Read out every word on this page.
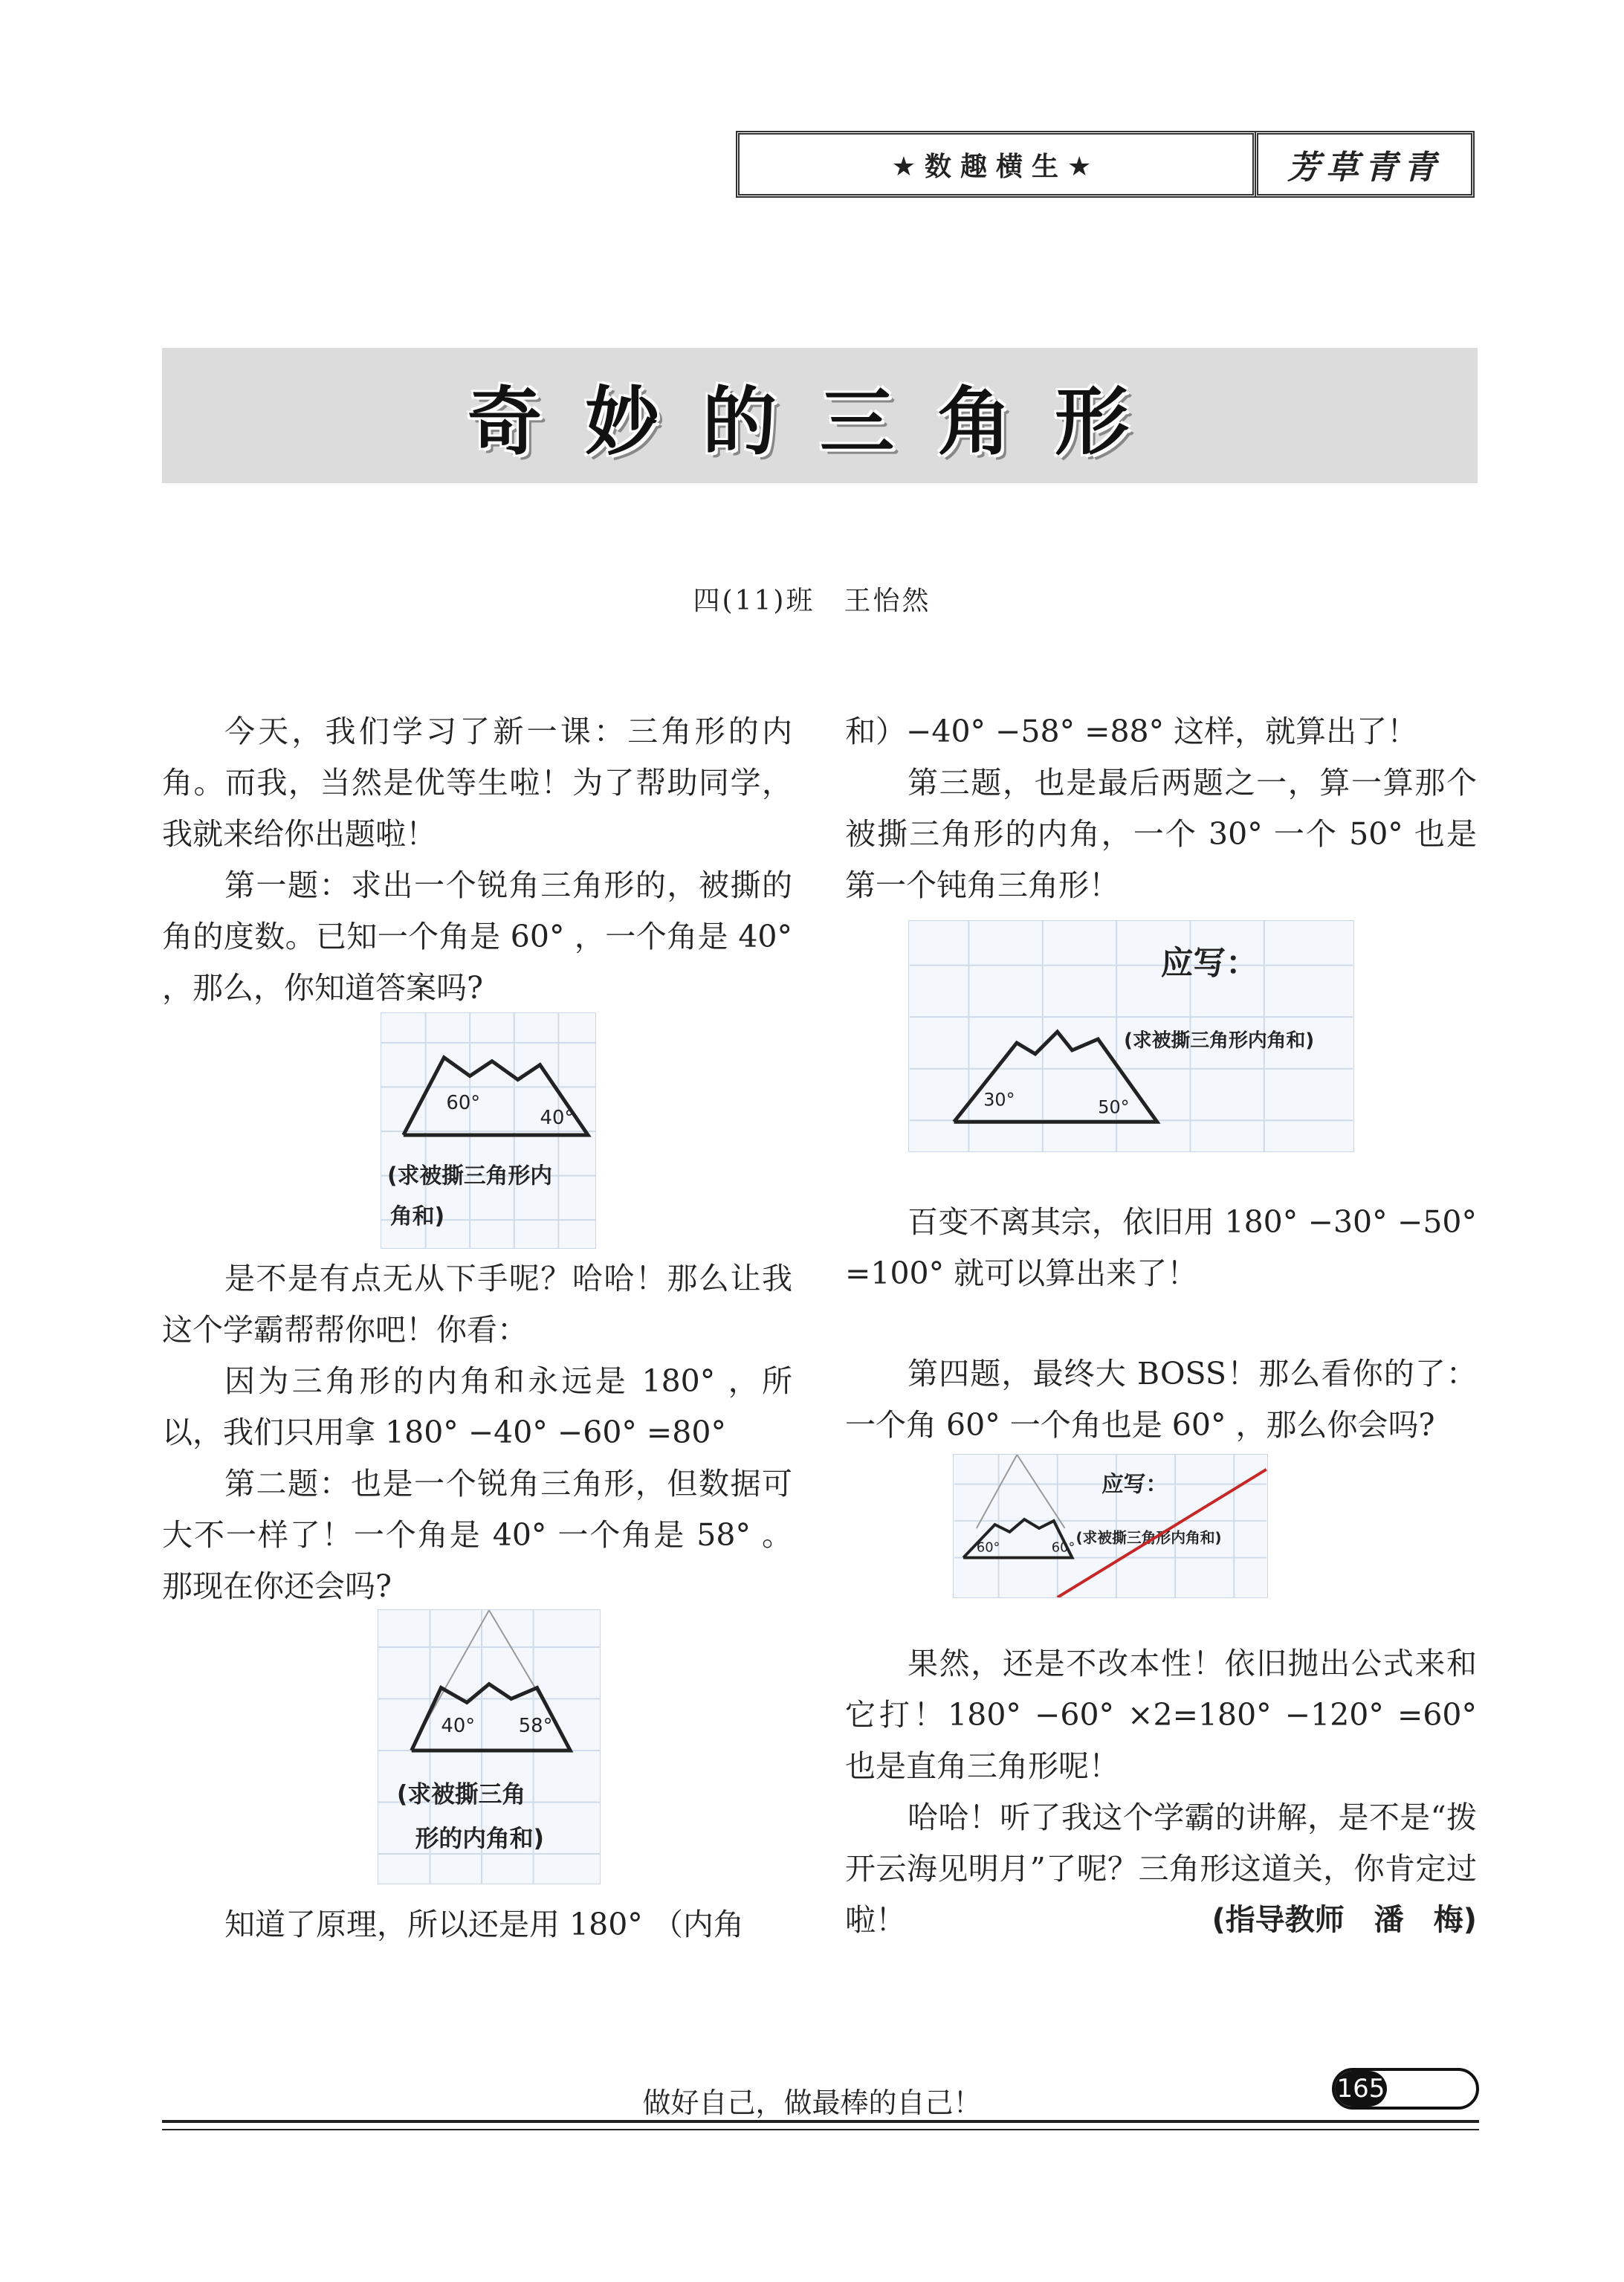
★数趣横生★	芳草青青
奇妙的三角形
四(11)班　王怡然
今天，我们学习了新一课：三角形的内角。而我，当然是优等生啦！为了帮助同学，我就来给你出题啦！
第一题：求出一个锐角三角形的，被撕的角的度数。已知一个角是 60° ，一个角是 40° ，那么，你知道答案吗?
60°
40°
(求被撕三角形内
角和)
是不是有点无从下手呢？哈哈！那么让我这个学霸帮帮你吧！你看：
因为三角形的内角和永远是 180° ，所以，我们只用拿 180° −40° −60° =80°
第二题：也是一个锐角三角形，但数据可大不一样了！一个角是 40° 一个角是 58° 。那现在你还会吗?
40° 58°
(求被撕三角
形的内角和)
知道了原理，所以还是用 180° （内角
和）−40° −58° =88° 这样，就算出了！
第三题，也是最后两题之一，算一算那个被撕三角形的内角，一个 30° 一个 50° 也是第一个钝角三角形！
应写：
30°	50°
(求被撕三角形内角和)
百变不离其宗，依旧用 180° −30° −50° =100° 就可以算出来了！
第四题，最终大 BOSS！那么看你的了：一个角 60° 一个角也是 60° ，那么你会吗?
应写：
60°	60°
(求被撕三角形内角和)
果然，还是不改本性！依旧抛出公式来和它打！180° −60° ×2=180° −120° =60° 也是直角三角形呢！
哈哈！听了我这个学霸的讲解，是不是“拨开云海见明月”了呢？三角形这道关，你肯定过啦！	(指导教师　潘　梅)
做好自己，做最棒的自己！	165
